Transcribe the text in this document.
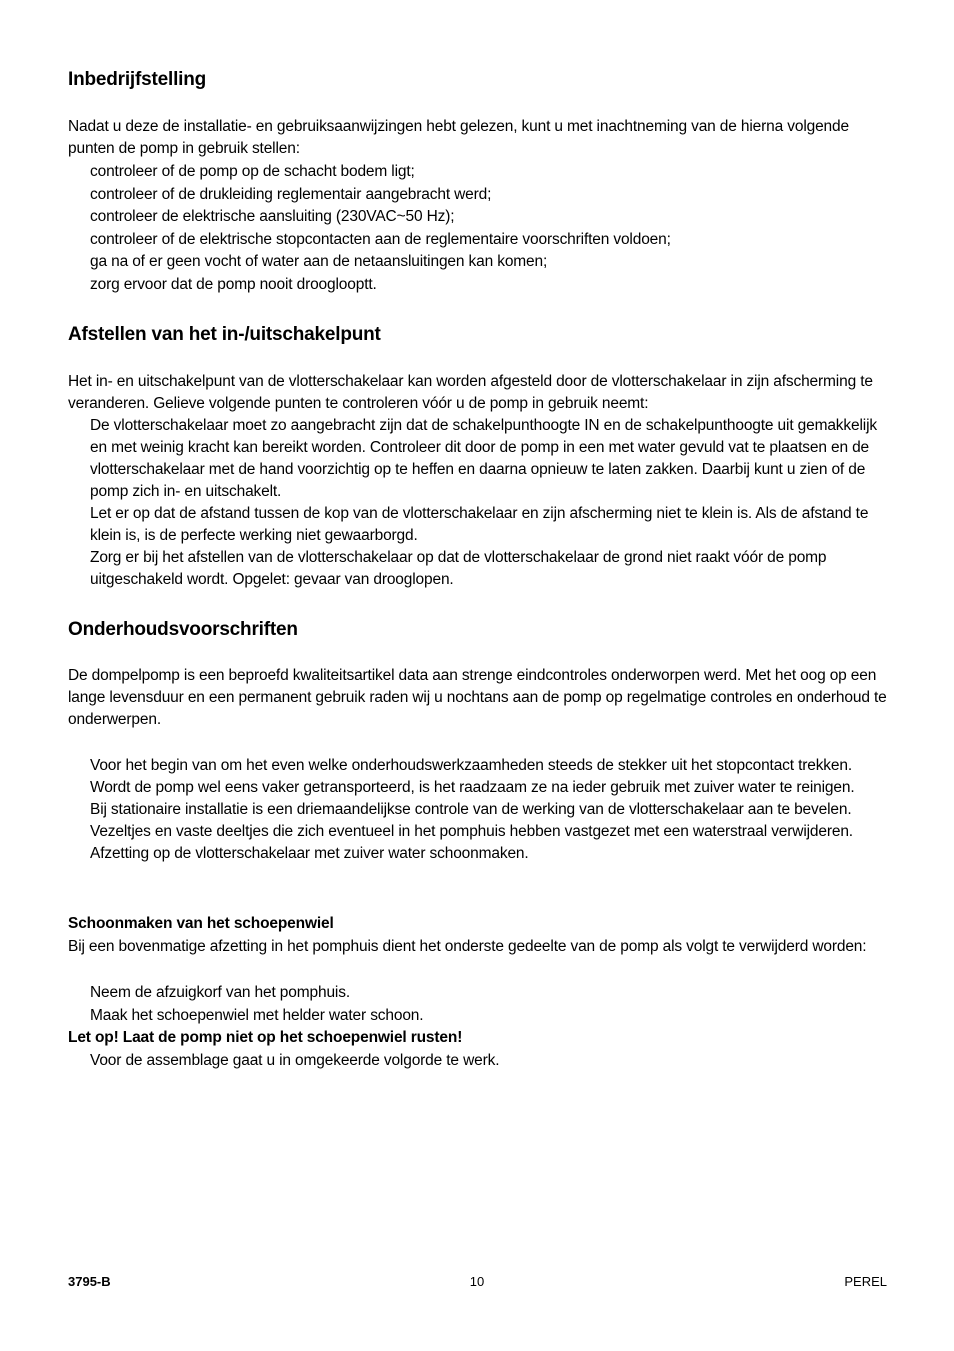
Inbedrijfstelling
Nadat u deze de installatie- en gebruiksaanwijzingen hebt gelezen, kunt u met inachtneming van de hierna volgende punten de pomp in gebruik stellen:
controleer of de pomp op de schacht bodem ligt;
controleer of de drukleiding reglementair aangebracht werd;
controleer de elektrische aansluiting (230VAC~50 Hz);
controleer of de elektrische stopcontacten aan de reglementaire voorschriften voldoen;
ga na of er geen vocht of water aan de netaansluitingen kan komen;
zorg ervoor dat de pomp nooit drooglooptt.
Afstellen van het in-/uitschakelpunt
Het in- en uitschakelpunt van de vlotterschakelaar kan worden afgesteld door de vlotterschakelaar in zijn afscherming te veranderen. Gelieve volgende punten te controleren vóór u de pomp in gebruik neemt:
De vlotterschakelaar moet zo aangebracht zijn dat de schakelpunthoogte IN en de schakelpunthoogte uit gemakkelijk en met weinig kracht kan bereikt worden. Controleer dit door de pomp in een met water gevuld vat te plaatsen en de vlotterschakelaar met de hand voorzichtig op te heffen en daarna opnieuw te laten zakken. Daarbij kunt u zien of de pomp zich in- en uitschakelt.
Let er op dat de afstand tussen de kop van de vlotterschakelaar en zijn afscherming niet te klein is. Als de afstand te klein is, is de perfecte werking niet gewaarborgd.
Zorg er bij het afstellen van de vlotterschakelaar op dat de vlotterschakelaar de grond niet raakt vóór de pomp uitgeschakeld wordt. Opgelet: gevaar van drooglopen.
Onderhoudsvoorschriften
De dompelpomp is een beproefd kwaliteitsartikel data aan strenge eindcontroles onderworpen werd. Met het oog op een lange levensduur en een permanent gebruik raden wij u nochtans aan de pomp op regelmatige controles en onderhoud te onderwerpen.
Voor het begin van om het even welke onderhoudswerkzaamheden steeds de stekker uit het stopcontact trekken.
Wordt de pomp wel eens vaker getransporteerd, is het raadzaam ze na ieder gebruik met zuiver water te reinigen.
Bij stationaire installatie is een driemaandelijkse controle van de werking van de vlotterschakelaar aan te bevelen.
Vezeltjes en vaste deeltjes die zich eventueel in het pomphuis hebben vastgezet met een waterstraal verwijderen.
Afzetting op de vlotterschakelaar met zuiver water schoonmaken.
Schoonmaken van het schoepenwiel
Bij een bovenmatige afzetting in het pomphuis dient het onderste gedeelte van de pomp als volgt te verwijderd worden:
Neem de afzuigkorf van het pomphuis.
Maak het schoepenwiel met helder water schoon.
Let op! Laat de pomp niet op het schoepenwiel rusten!
Voor de assemblage gaat u in omgekeerde volgorde te werk.
3795-B	10	PEREL
